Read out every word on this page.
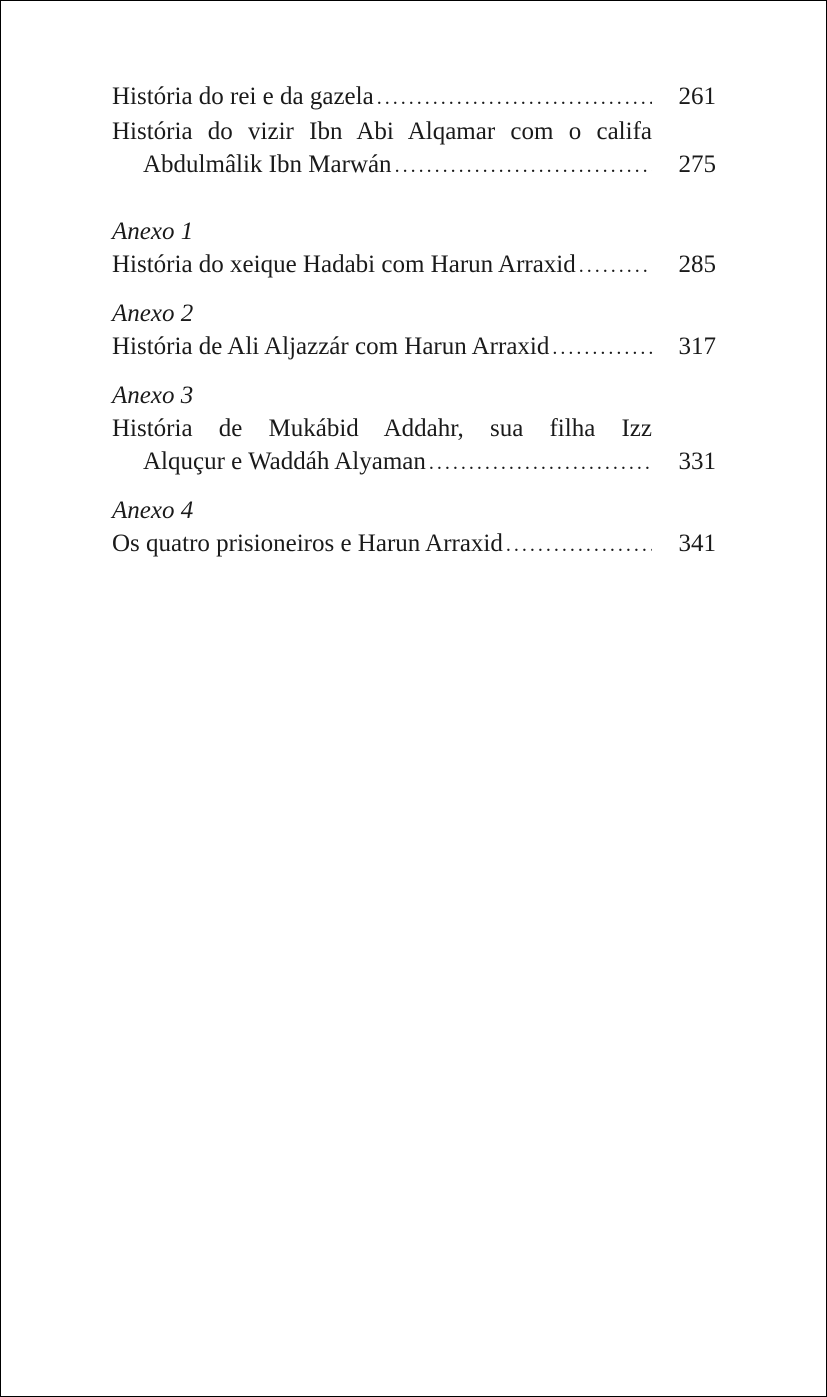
História do rei e da gazela . . .	261
História do vizir Ibn Abi Alqamar com o califa
Abdulmâlik Ibn Marwán . . .	275
Anexo 1
História do xeique Hadabi com Harun Arraxid . . .	285
Anexo 2
História de Ali Aljazzár com Harun Arraxid . . .	317
Anexo 3
História de Mukábid Addahr, sua filha Izz
Alquçur e Waddáh Alyaman . . .	331
Anexo 4
Os quatro prisioneiros e Harun Arraxid . . .	341
